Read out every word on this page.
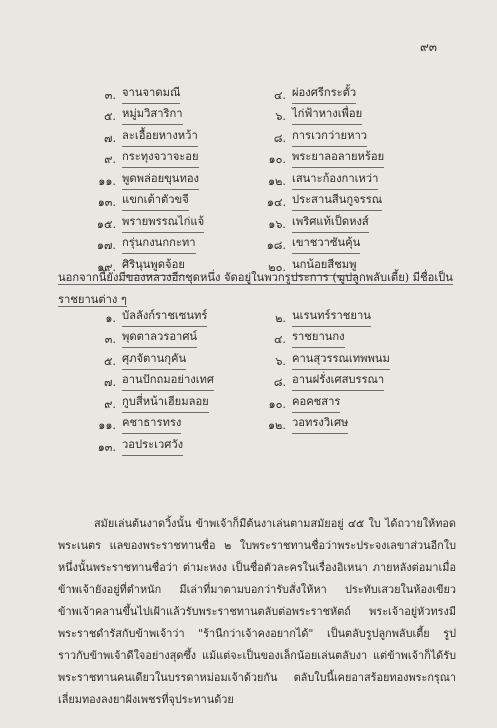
๙๓
๓. จานจาดมณี	๔. ผ่องศรีกระตั้ว
๕. หมู่มวิสาริกา	๖. ไก่ฟ้าหางเพื่อย
๗. ละเอื้อยหางหว้า	๘. การเวกว่ายหาว
๙. กระทุงจวาจะอย	๑๐. พระยาลอลายหร้อย
๑๑. พูดพล่อยขุนทอง	๑๒. เสนาะก้องกาเหว่า
๑๓. แขกเต้าตัวขจี	๑๔. ประสานสีนกูจรรณ
๑๕. พรายพรรณไก่แจ้	๑๖. เพริศแท้เป็ดหงส์
๑๗. กรุ่นกงนกกะทา	๑๘. เขาชวาซันคุ้น
๑๙. ศิรินุนพูดจ้อย	๒๐. นกน้อยสีชมพู
นอกจากนี้ยังมีของหลวงอีกชุดหนึ่ง จัดอยู่ในพวกรูประการ (ฆูปลูกพลับเตี้ย) มีชื่อเป็น
ราชยานต่าง ๆ
๑. บัลลังก์ราชเซนทร์	๒. นเรนทร์ราชยาน
๓. พุดตาลวรอาศน์	๔. ราชยานกง
๕. ศุภจัตานกุคัน	๖. คานสุวรรณเทพพนม
๗. อานปักถมอย่างเทศ	๘. อานฝรั่งเศสบรรณา
๙. กูบสี่หน้าเฮียมลอย	๑๐. คอคชสาร
๑๑. คชาธารทรง	๑๒. วอทรงวิเศษ
๑๓. วอประเวศวัง
สมัยเล่นต้นงาดวิ้งนั้น ข้าพเจ้าก็มีต้นงาเล่นตามสมัยอยู่ ๔๕ ใบ ได้ถวายให้ทอดพระเนตร แลของพระราชทานชื่อ ๒ ใบพระราชทานชื่อว่าพระประจงเลขาส่วนอีกใบหนึ่งนั้นพระราชทานชื่อว่า ต่ามะหงง เป็นชื่อตัวละครในเรื่องอิเหนา ภายหลังต่อมาเมื่อข้าพเจ้ายังอยู่ที่ตำหนัก มีเล่าที่มาตามบอกว่ารับสั่งให้หา ประทับเสวยในห้องเขียว ข้าพเจ้าคลานขึ้นไปเฝ้าแล้วรับพระราชทานตลับต่อพระราชหัตถ์ พระเจ้าอยู่หัวทรงมีพระราชดำรัสกับข้าพเจ้าว่า "ร้านีกว่าเจ้าคงอยากได้" เป็นตลับรูปลูกพลับเตี้ย รูปราวกับข้าพเจ้าดีใจอย่างสุดซึ้ง แม้แต่จะเป็นของเล็กน้อยเล่นตลับงา แต่ข้าพเจ้าก็ได้รับพระราชทานคนเดียวในบรรดาหม่อมเจ้าด้วยกัน ตลับใบนี้เคยอาสร้อยทองพระกรุณาเลี่ยมทองลงยาฝังเพชรที่จุประทานด้วย
